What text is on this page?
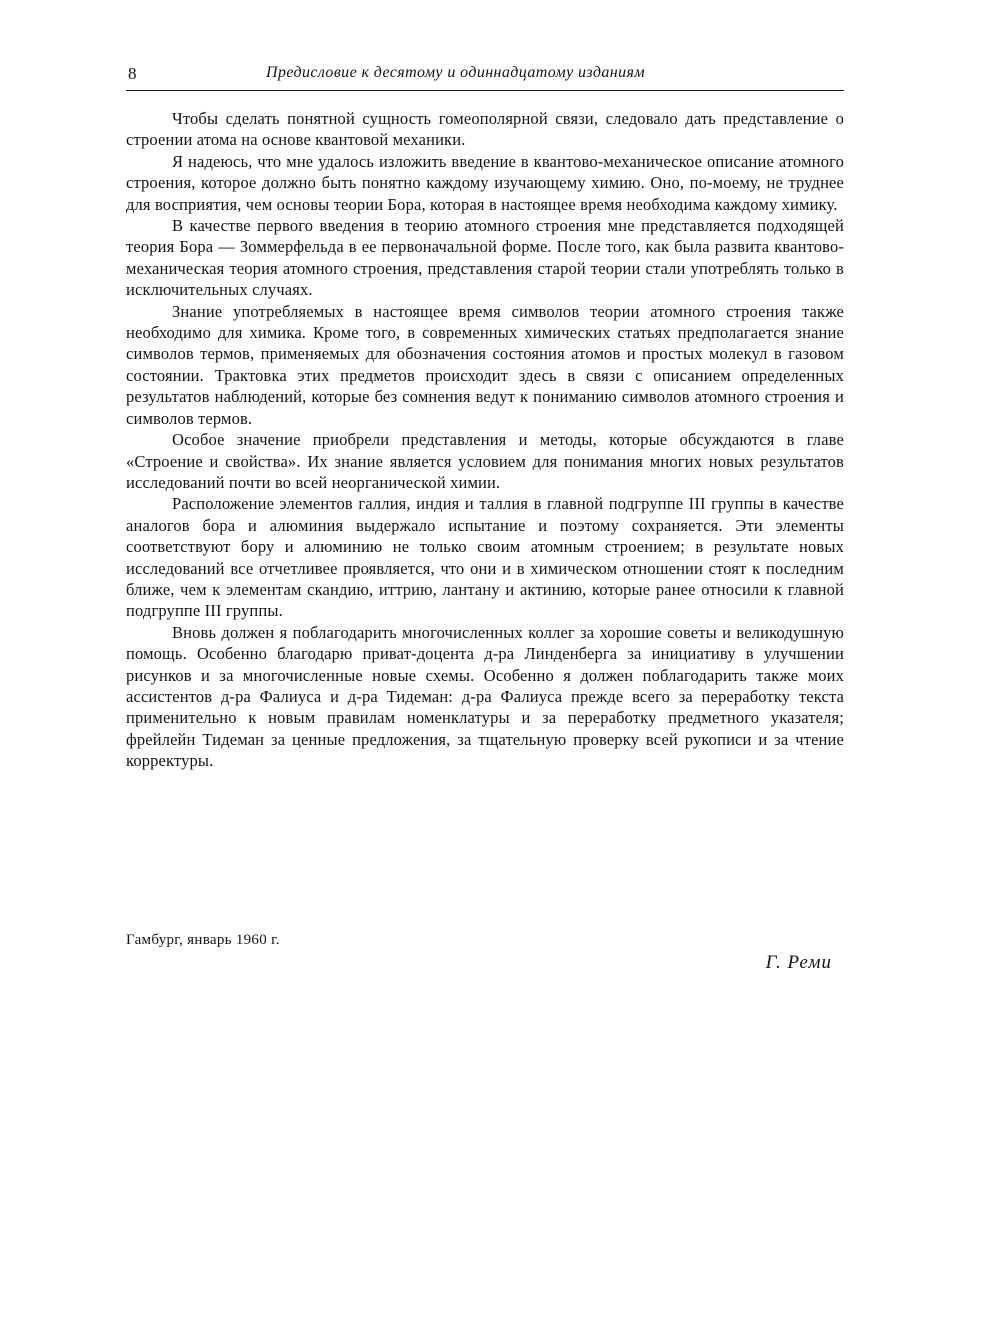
8	Предисловие к десятому и одиннадцатому изданиям

Чтобы сделать понятной сущность гомеополярной связи, следовало дать представление о строении атома на основе квантовой механики.

Я надеюсь, что мне удалось изложить введение в квантово-механическое описание атомного строения, которое должно быть понятно каждому изучающему химию. Оно, по-моему, не труднее для восприятия, чем основы теории Бора, которая в настоящее время необходима каждому химику.

В качестве первого введения в теорию атомного строения мне представляется подходящей теория Бора — Зоммерфельда в ее первоначальной форме. После того, как была развита квантово-механическая теория атомного строения, представления старой теории стали употреблять только в исключительных случаях.

Знание употребляемых в настоящее время символов теории атомного строения также необходимо для химика. Кроме того, в современных химических статьях предполагается знание символов термов, применяемых для обозначения состояния атомов и простых молекул в газовом состоянии. Трактовка этих предметов происходит здесь в связи с описанием определенных результатов наблюдений, которые без сомнения ведут к пониманию символов атомного строения и символов термов.

Особое значение приобрели представления и методы, которые обсуждаются в главе «Строение и свойства». Их знание является условием для понимания многих новых результатов исследований почти во всей неорганической химии.

Расположение элементов галлия, индия и таллия в главной подгруппе III группы в качестве аналогов бора и алюминия выдержало испытание и поэтому сохраняется. Эти элементы соответствуют бору и алюминию не только своим атомным строением; в результате новых исследований все отчетливее проявляется, что они и в химическом отношении стоят к последним ближе, чем к элементам скандию, иттрию, лантану и актинию, которые ранее относили к главной подгруппе III группы.

Вновь должен я поблагодарить многочисленных коллег за хорошие советы и великодушную помощь. Особенно благодарю приват-доцента д-ра Линденберга за инициативу в улучшении рисунков и за многочисленные новые схемы. Особенно я должен поблагодарить также моих ассистентов д-ра Фалиуса и д-ра Тидеман: д-ра Фалиуса прежде всего за переработку текста применительно к новым правилам номенклатуры и за переработку предметного указателя; фрейлейн Тидеман за ценные предложения, за тщательную проверку всей рукописи и за чтение корректуры.

Гамбург, январь 1960 г.
Г. Реми
